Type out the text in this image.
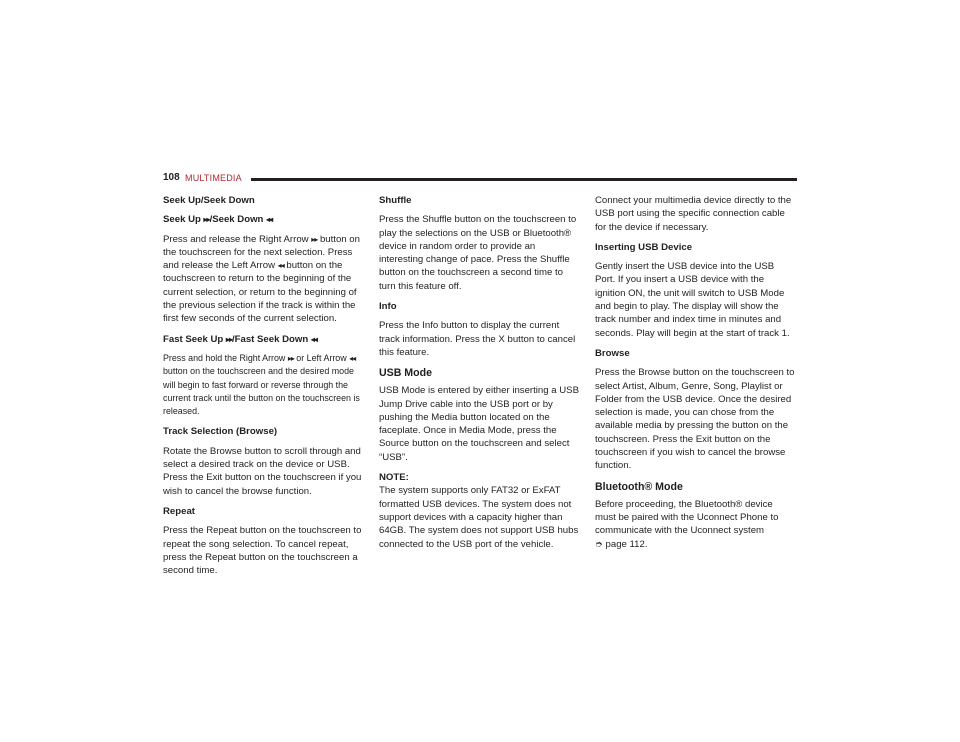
108 MULTIMEDIA
Seek Up/Seek Down
Seek Up ▸▸/Seek Down ◂◂

Press and release the Right Arrow ▸▸ button on the touchscreen for the next selection. Press and release the Left Arrow ◂◂ button on the touchscreen to return to the beginning of the current selection, or return to the beginning of the previous selection if the track is within the first few seconds of the current selection.

Fast Seek Up ▸▸/Fast Seek Down ◂◂

Press and hold the Right Arrow ▸▸ or Left Arrow ◂◂ button on the touchscreen and the desired mode will begin to fast forward or reverse through the current track until the button on the touchscreen is released.

Track Selection (Browse)

Rotate the Browse button to scroll through and select a desired track on the device or USB. Press the Exit button on the touchscreen if you wish to cancel the browse function.

Repeat

Press the Repeat button on the touchscreen to repeat the song selection. To cancel repeat, press the Repeat button on the touchscreen a second time.

Shuffle

Press the Shuffle button on the touchscreen to play the selections on the USB or Bluetooth® device in random order to provide an interesting change of pace. Press the Shuffle button on the touchscreen a second time to turn this feature off.

Info

Press the Info button to display the current track information. Press the X button to cancel this feature.

USB Mode

USB Mode is entered by either inserting a USB Jump Drive cable into the USB port or by pushing the Media button located on the faceplate. Once in Media Mode, press the Source button on the touchscreen and select “USB”.

NOTE:
The system supports only FAT32 or ExFAT formatted USB devices. The system does not support devices with a capacity higher than 64GB. The system does not support USB hubs connected to the USB port of the vehicle.

Connect your multimedia device directly to the USB port using the specific connection cable for the device if necessary.

Inserting USB Device

Gently insert the USB device into the USB Port. If you insert a USB device with the ignition ON, the unit will switch to USB Mode and begin to play. The display will show the track number and index time in minutes and seconds. Play will begin at the start of track 1.

Browse

Press the Browse button on the touchscreen to select Artist, Album, Genre, Song, Playlist or Folder from the USB device. Once the desired selection is made, you can chose from the available media by pressing the button on the touchscreen. Press the Exit button on the touchscreen if you wish to cancel the browse function.

Bluetooth® Mode

Before proceeding, the Bluetooth® device must be paired with the Uconnect Phone to communicate with the Uconnect system
➮ page 112.
